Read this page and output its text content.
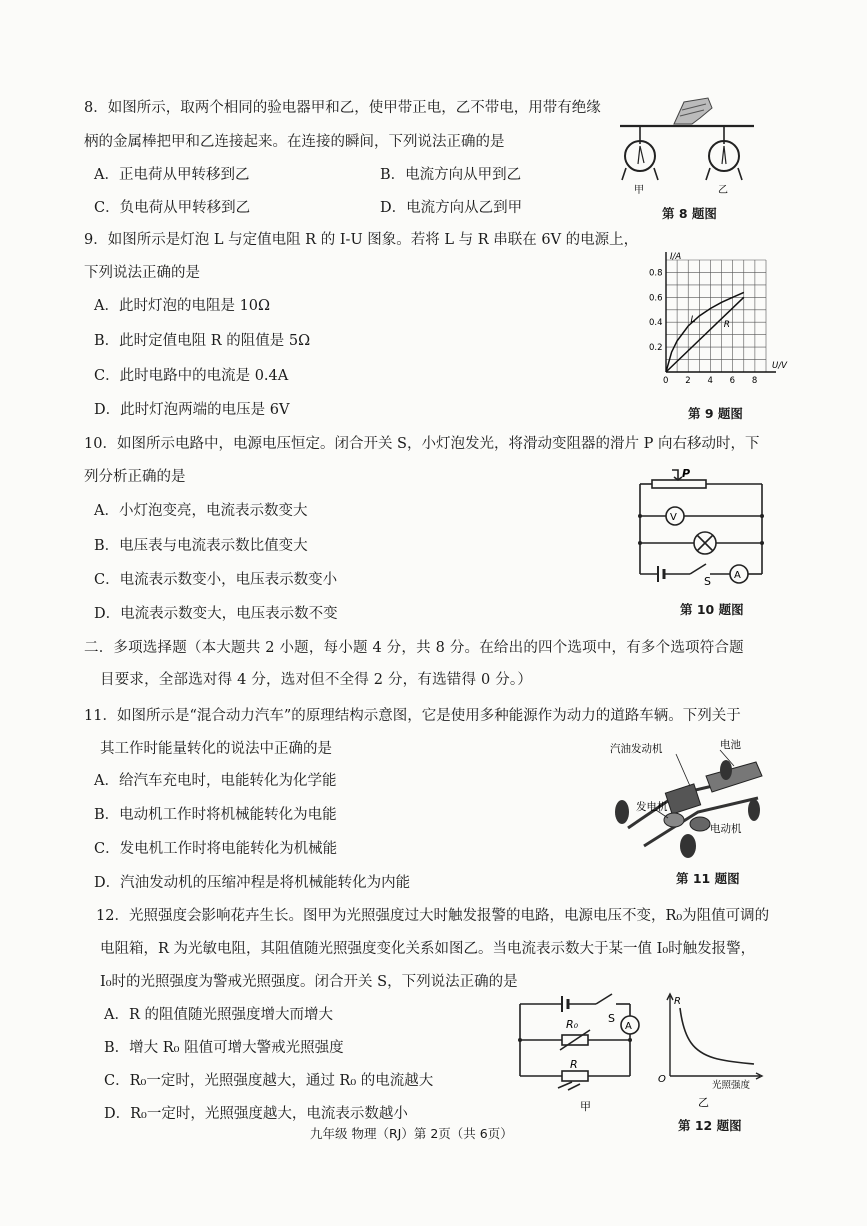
8．如图所示，取两个相同的验电器甲和乙，使甲带正电，乙不带电，用带有绝缘
柄的金属棒把甲和乙连接起来。在连接的瞬间，下列说法正确的是
A．正电荷从甲转移到乙	B．电流方向从甲到乙
C．负电荷从甲转移到乙	D．电流方向从乙到甲
甲	乙
第 8 题图
9．如图所示是灯泡 L 与定值电阻 R 的 I-U 图象。若将 L 与 R 串联在 6V 的电源上，
下列说法正确的是
A．此时灯泡的电阻是 10Ω
B．此时定值电阻 R 的阻值是 5Ω
C．此时电路中的电流是 0.4A
D．此时灯泡两端的电压是 6V
L	R
0 2 4 6 8
0.2
0.4
0.6
0.8
I/A
U/V
第 9 题图
10．如图所示电路中，电源电压恒定。闭合开关 S，小灯泡发光，将滑动变阻器的滑片 P 向右移动时，下
列分析正确的是
A．小灯泡变亮，电流表示数变大
B．电压表与电流表示数比值变大
C．电流表示数变小，电压表示数变小
D．电流表示数变大，电压表示数不变
P
V
S A
第 10 题图
二．多项选择题（本大题共 2 小题，每小题 4 分，共 8 分。在给出的四个选项中，有多个选项符合题
目要求，全部选对得 4 分，选对但不全得 2 分，有选错得 0 分。）
11．如图所示是“混合动力汽车”的原理结构示意图，它是使用多种能源作为动力的道路车辆。下列关于
其工作时能量转化的说法中正确的是
A．给汽车充电时，电能转化为化学能
B．电动机工作时将机械能转化为电能
C．发电机工作时将电能转化为机械能
D．汽油发动机的压缩冲程是将机械能转化为内能
汽油发动机	电池
发电机
电动机
第 11 题图
12．光照强度会影响花卉生长。图甲为光照强度过大时触发报警的电路，电源电压不变，R₀为阻值可调的
电阻箱，R 为光敏电阻，其阻值随光照强度变化关系如图乙。当电流表示数大于某一值 I₀时触发报警，
I₀时的光照强度为警戒光照强度。闭合开关 S，下列说法正确的是
A．R 的阻值随光照强度增大而增大
B．增大 R₀ 阻值可增大警戒光照强度
C．R₀一定时，光照强度越大，通过 R₀ 的电流越大
D．R₀一定时，光照强度越大，电流表示数越小
S
A
R₀
R
甲
R
O
光照强度
乙
第 12 题图
九年级 物理（RJ）第 2页（共 6页）
